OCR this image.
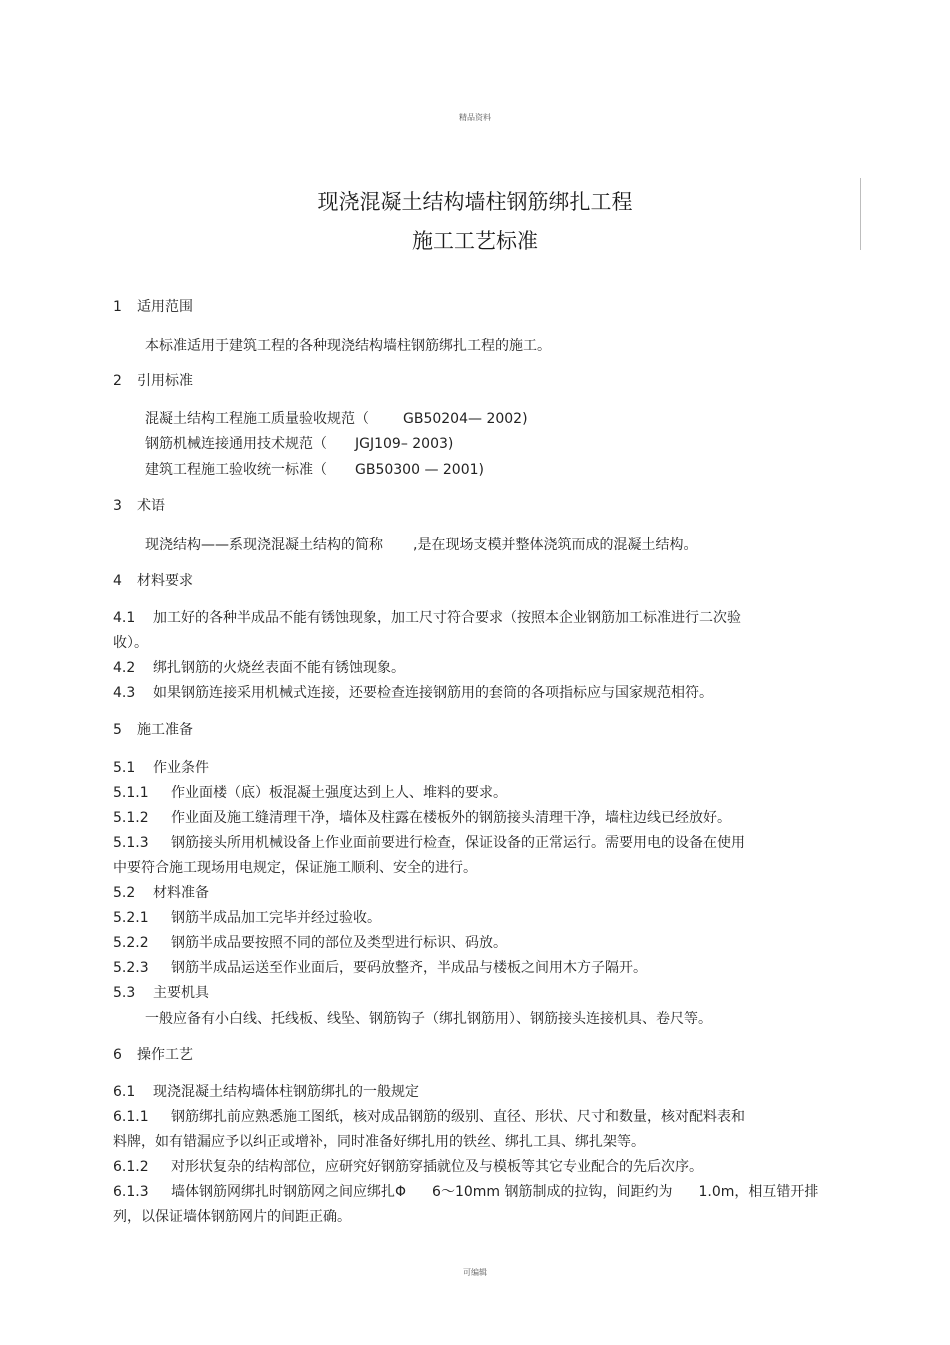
精品资料
现浇混凝土结构墙柱钢筋绑扎工程
施工工艺标准
1 适用范围
本标准适用于建筑工程的各种现浇结构墙柱钢筋绑扎工程的施工。
2 引用标准
混凝土结构工程施工质量验收规范（ GB50204— 2002)
钢筋机械连接通用技术规范（ JGJ109– 2003)
建筑工程施工验收统一标准（ GB50300 — 2001)
3 术语
现浇结构——系现浇混凝土结构的简称 ,是在现场支模并整体浇筑而成的混凝土结构。
4 材料要求
4.1 加工好的各种半成品不能有锈蚀现象，加工尺寸符合要求（按照本企业钢筋加工标准进行二次验
收）。
4.2 绑扎钢筋的火烧丝表面不能有锈蚀现象。
4.3 如果钢筋连接采用机械式连接，还要检查连接钢筋用的套筒的各项指标应与国家规范相符。
5 施工准备
5.1 作业条件
5.1.1 作业面楼（底）板混凝土强度达到上人、堆料的要求。
5.1.2 作业面及施工缝清理干净，墙体及柱露在楼板外的钢筋接头清理干净，墙柱边线已经放好。
5.1.3 钢筋接头所用机械设备上作业面前要进行检查，保证设备的正常运行。需要用电的设备在使用
中要符合施工现场用电规定，保证施工顺利、安全的进行。
5.2 材料准备
5.2.1 钢筋半成品加工完毕并经过验收。
5.2.2 钢筋半成品要按照不同的部位及类型进行标识、码放。
5.2.3 钢筋半成品运送至作业面后，要码放整齐，半成品与楼板之间用木方子隔开。
5.3 主要机具
一般应备有小白线、托线板、线坠、钢筋钩子（绑扎钢筋用）、钢筋接头连接机具、卷尺等。
6 操作工艺
6.1 现浇混凝土结构墙体柱钢筋绑扎的一般规定
6.1.1 钢筋绑扎前应熟悉施工图纸，核对成品钢筋的级别、直径、形状、尺寸和数量，核对配料表和
料牌，如有错漏应予以纠正或增补，同时准备好绑扎用的铁丝、绑扎工具、绑扎架等。
6.1.2 对形状复杂的结构部位，应研究好钢筋穿插就位及与模板等其它专业配合的先后次序。
6.1.3 墙体钢筋网绑扎时钢筋网之间应绑扎Φ 6～10mm 钢筋制成的拉钩，间距约为 1.0m，相互错开排
列，以保证墙体钢筋网片的间距正确。
可编辑
